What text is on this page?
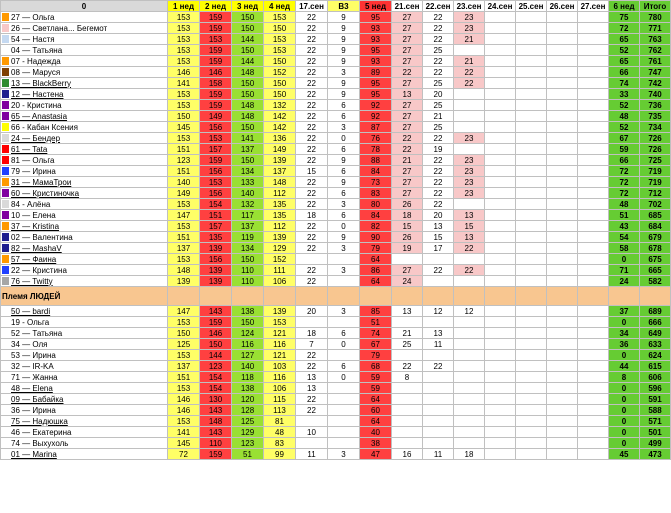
0	1 нед	2 нед	3 нед	4 нед	17.сен	B3	5 нед	21.сен	22.сен	23.сен	24.сен	25.сен	26.сен	27.сен	6 нед	Итого
27 — Ольга	153	159	150	153	22	9	95	27	22	23					75	780
26 — Светлана... Бегемот	153	159	150	150	22	9	93	27	22	23					72	771
54 — Настя	153	153	144	153	22	9	93	27	22	21					65	763
04 — Татьяна	153	159	150	153	22	9	95	27	25						52	762
07 - Надежда	153	159	144	150	22	9	93	27	22	21					65	761
08 — Маруся	146	146	148	152	22	3	89	22	22	22					66	747
13 — BlackBerry	141	158	150	150	22	9	95	27	25	22					74	742
12 — Настена	153	159	150	150	22	9	95	13	20						33	740
20 - Кристина	153	159	148	132	22	6	92	27	25						52	736
65 — Anastasia	150	149	148	142	22	6	92	27	21						48	735
66 - Кабан Ксения	145	156	150	142	22	3	87	27	25						52	734
24 — Бендер	153	153	141	136	22	0	76	22	22	23					67	726
61 — Tata	151	157	137	149	22	6	78	22	19						59	726
81 — Ольга	123	159	150	139	22	9	88	21	22	23					66	725
79 — Ирина	151	156	134	137	15	6	84	27	22	23					72	719
31 — МамаТрои	140	153	133	148	22	9	73	27	22	23					72	719
60 — Кристиночка	149	156	140	112	22	6	83	27	22	23					72	712
84 - Алёна	153	154	132	135	22	3	80	26	22						48	702
10 — Елена	147	151	117	135	18	6	84	18	20	13					51	685
37 — Kristina	153	157	137	112	22	0	82	15	13	15					43	684
02 — Валентина	151	135	119	139	22	9	90	26	15	13					54	679
82 — MashaV	137	139	134	129	22	3	79	19	17	22					58	678
57 — Фаина	153	156	150	152			64								0	675
22 — Кристина	148	139	110	111	22	3	86	27	22	22					71	665
76 — Twitty	139	139	110	106	22		64	24							24	582
Племя ЛЮДЕЙ																
50 — bardi	147	143	138	139	20	3	85	13	12	12					37	689
19 - Ольга	153	159	150	153			51								0	666
52 — Татьяна	150	146	124	121	18	6	74	21	13						34	649
34 — Оля	125	150	116	116	7	0	67	25	11						36	633
53 — Ирина	153	144	127	121	22		79								0	624
32 — IR-KA	137	123	140	103	22	6	68	22	22						44	615
71 — Жанна	151	154	118	116	13	0	59	8							8	606
48 — Elena	153	154	138	106	13		59								0	596
09 — Бабайка	146	130	120	115	22		64								0	591
36 — Ирина	146	143	128	113	22		60								0	588
75 — Надюшка	153	148	125	81			64								0	571
46 — Екатерина	141	143	129	48	10		40								0	501
74 — Выхухоль	145	110	123	83			38								0	499
01 — Marina	72	159	51	99	11	3	47	16	11	18					45	473
